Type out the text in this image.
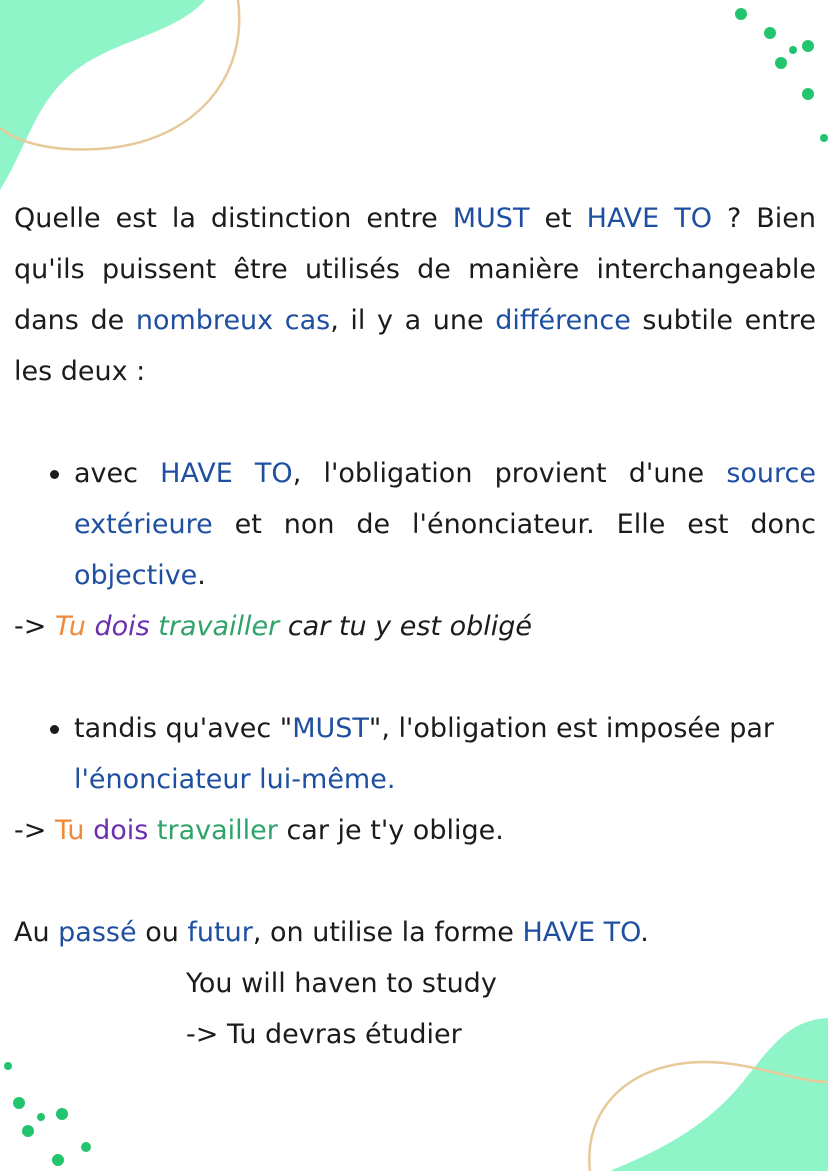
Quelle est la distinction entre MUST et HAVE TO ? Bien qu'ils puissent être utilisés de manière interchangeable dans de nombreux cas, il y a une différence subtile entre les deux :

avec HAVE TO, l'obligation provient d'une source extérieure et non de l'énonciateur. Elle est donc objective.

-> Tu dois travailler car tu y est obligé

tandis qu'avec "MUST", l'obligation est imposée par l'énonciateur lui-même.

-> Tu dois travailler car je t'y oblige.

Au passé ou futur, on utilise la forme HAVE TO.

You will haven to study

-> Tu devras étudier
